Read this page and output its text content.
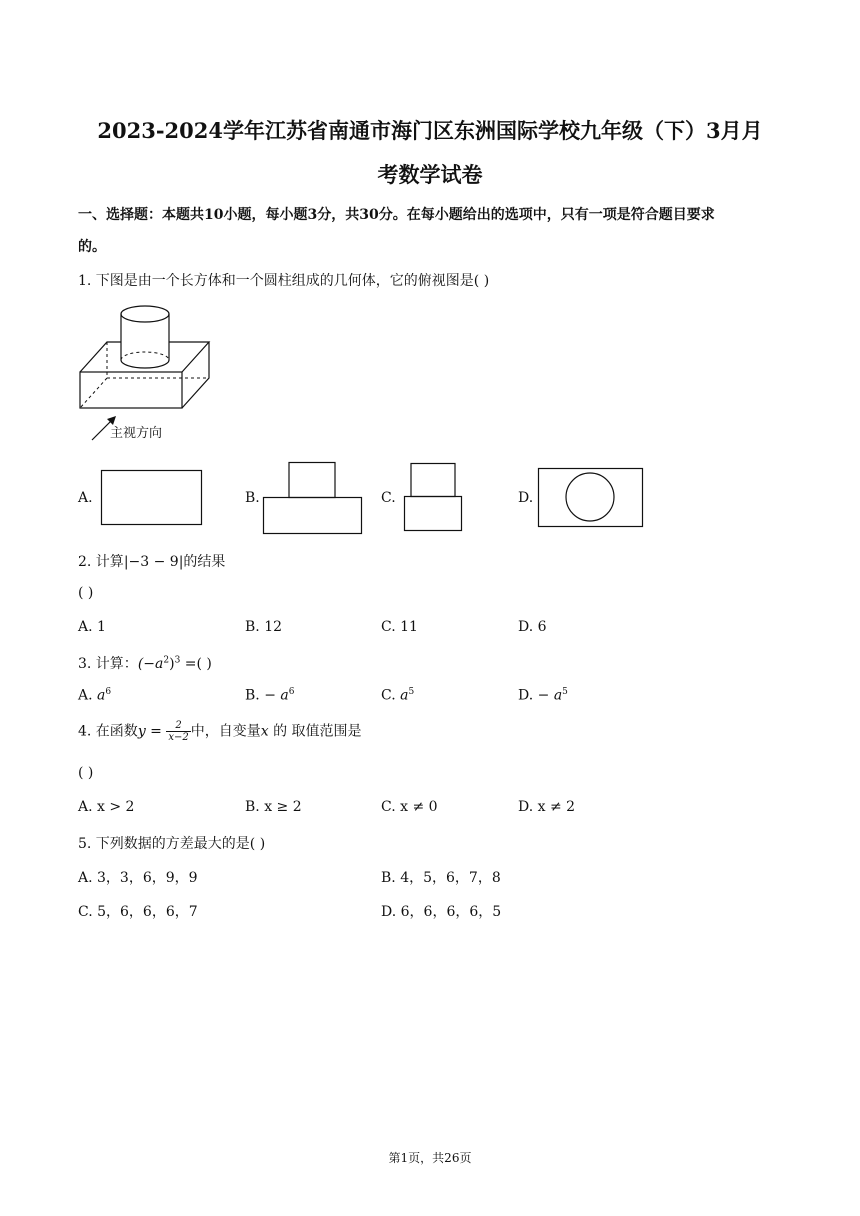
2023-2024学年江苏省南通市海门区东洲国际学校九年级（下）3月月
考数学试卷
一、选择题：本题共10小题，每小题3分，共30分。在每小题给出的选项中，只有一项是符合题目要求
的。
1. 下图是由一个长方体和一个圆柱组成的几何体，它的俯视图是( )
主视方向
A.	B.	C.	D.
2. 计算|−3 − 9|的结果
( )
A. 1	B. 12	C. 11	D. 6
3. 计算：$(-a^2)^3$ =( )
A. $a^6$	B. − $a^6$	C. $a^5$	D. − $a^5$
4. 在函数$y = \frac{2}{x-2}$ 中，自变量x 的 取值范围是
( )
A. x > 2	B. x ≥ 2	C. x ≠ 0	D. x ≠ 2
5. 下列数据的方差最大的是( )
A. 3，3，6，9，9	B. 4，5，6，7，8
C. 5，6，6，6，7	D. 6，6，6，6，5
第1页，共26页
